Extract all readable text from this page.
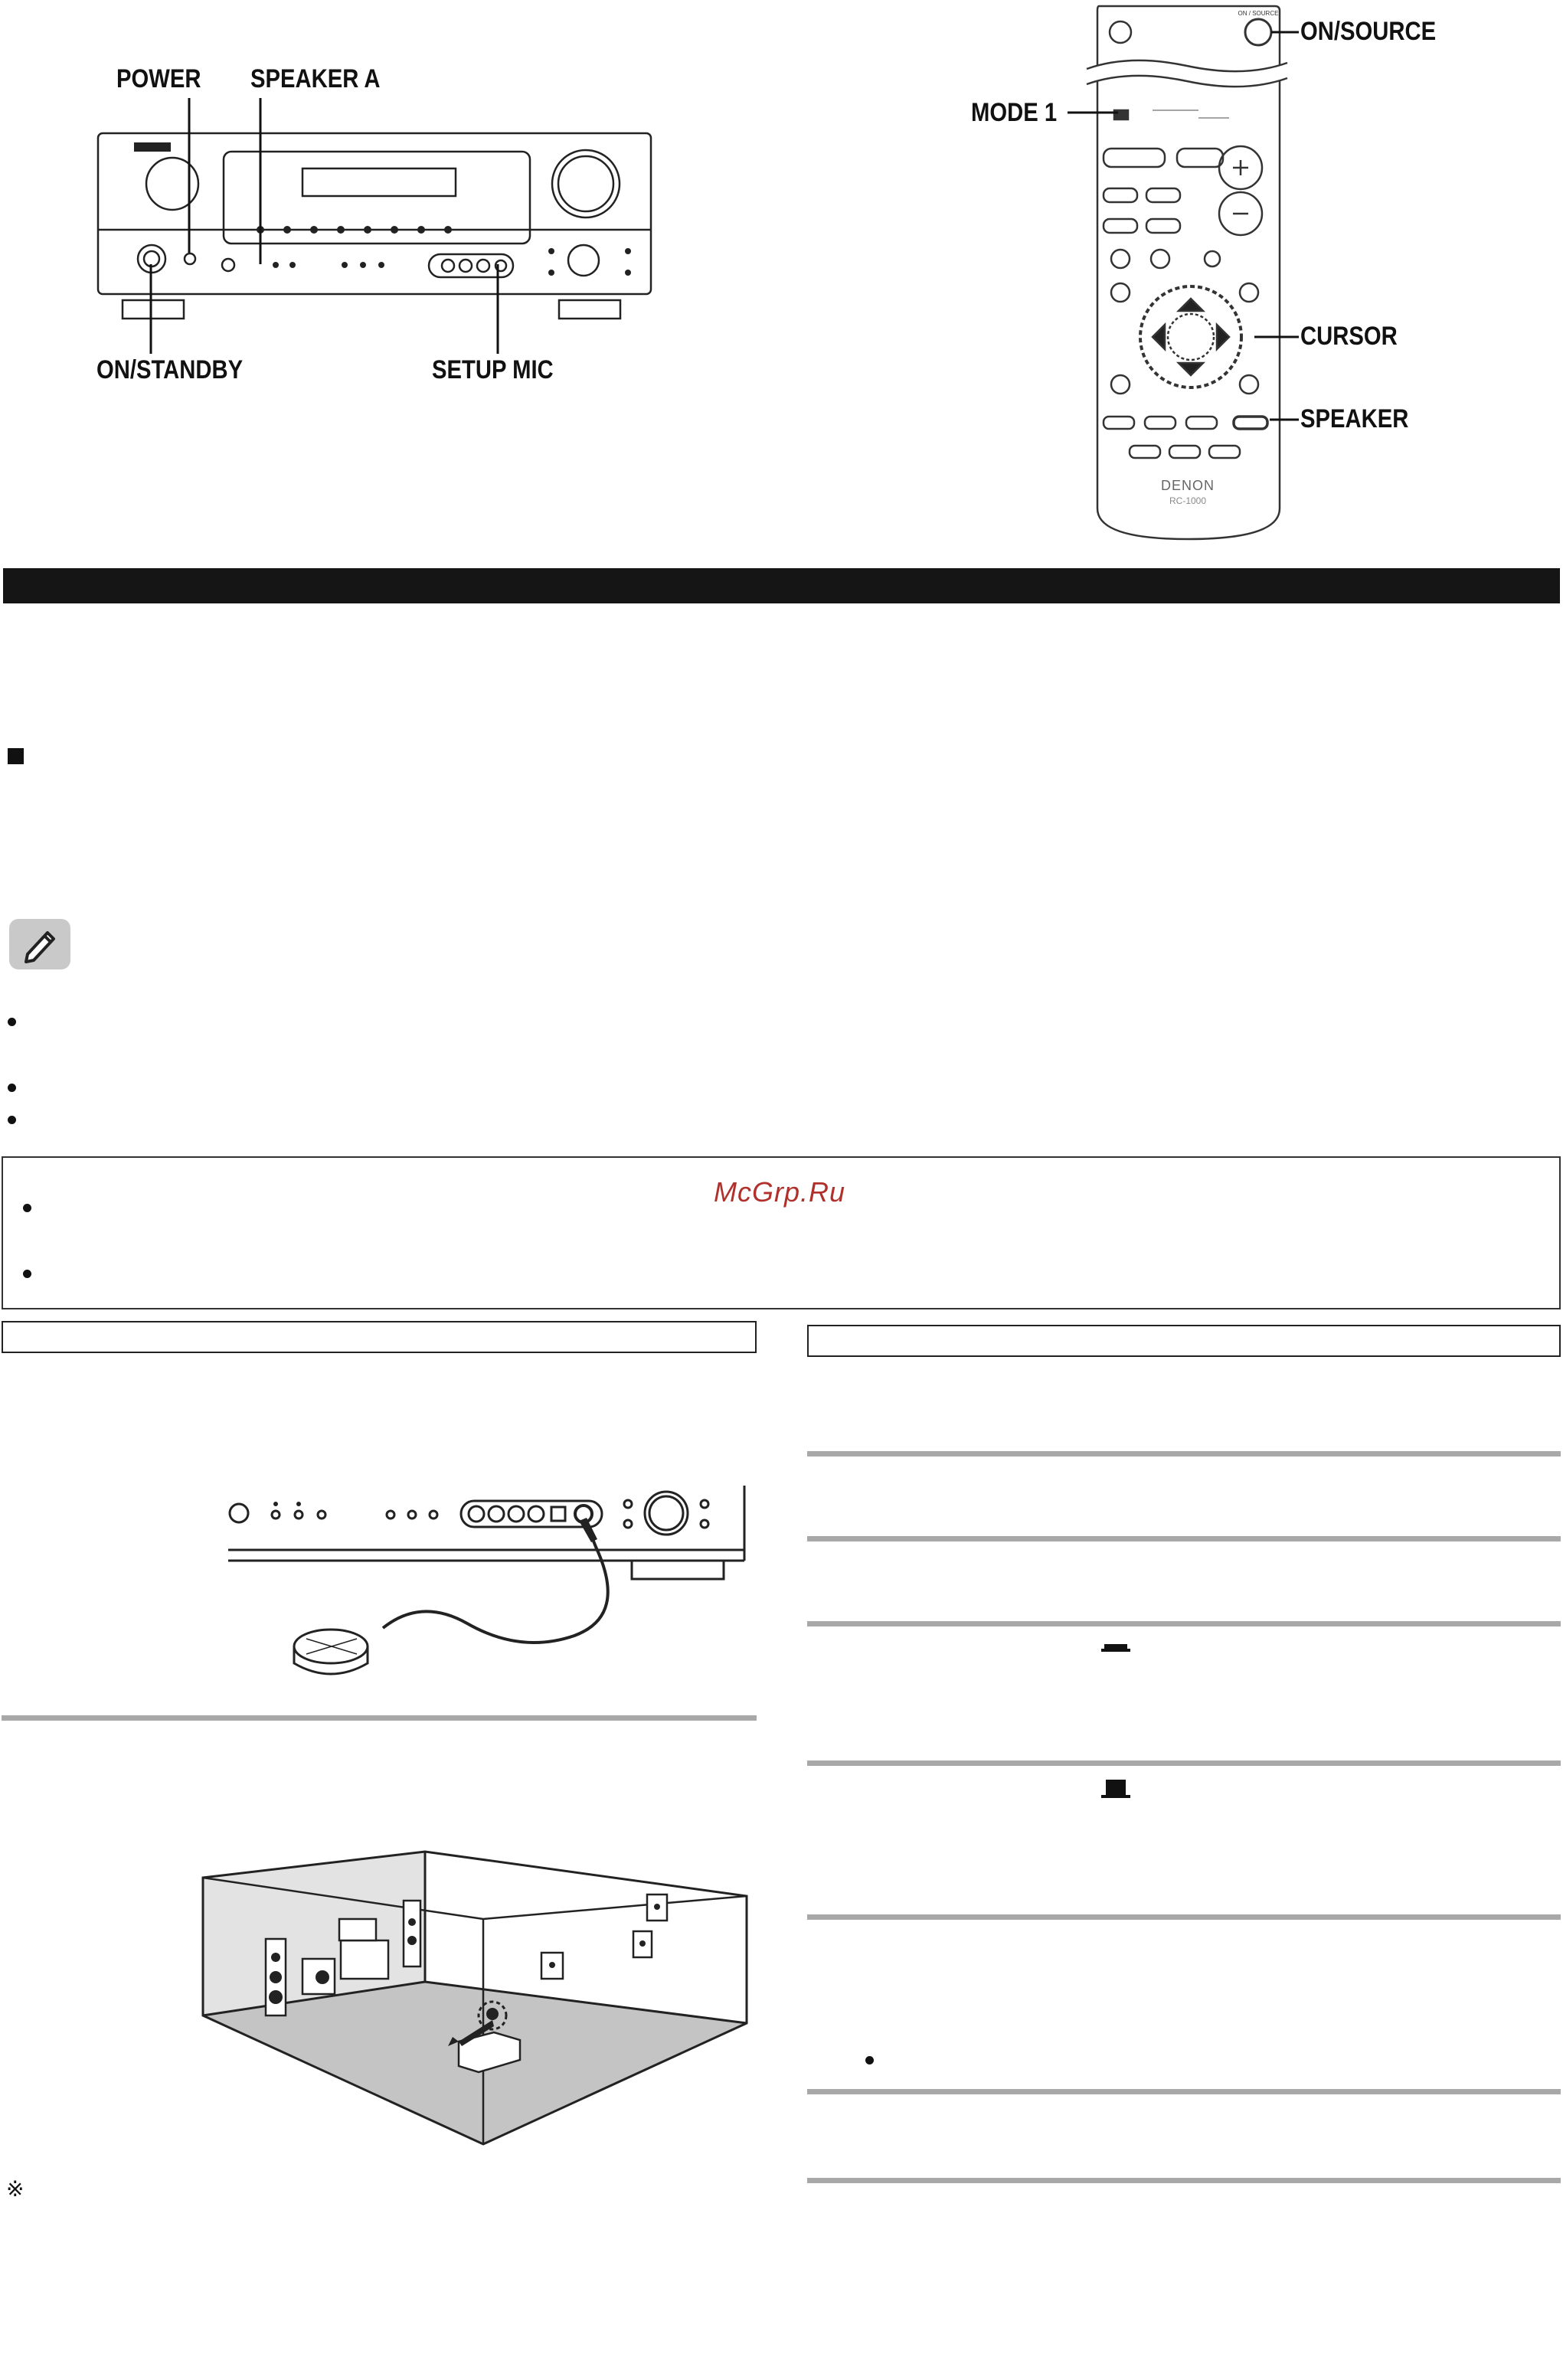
POWER SPEAKER A
ON/STANDBY	SETUP MIC
DENON
RC-1000
ON / SOURCE
ON/SOURCE
MODE 1
CURSOR
SPEAKER
McGrp.Ru
※
